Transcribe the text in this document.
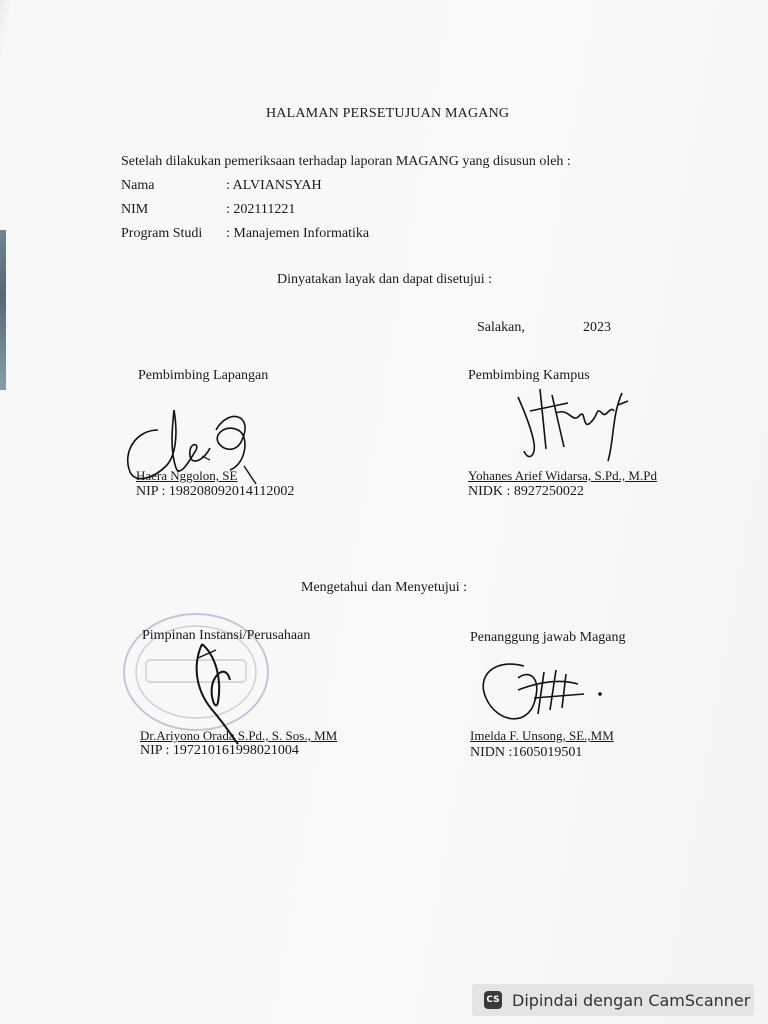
HALAMAN PERSETUJUAN MAGANG
Setelah dilakukan pemeriksaan terhadap laporan MAGANG yang disusun oleh :
Nama	: ALVIANSYAH
NIM	: 202111221
Program Studi : Manajemen Informatika
Dinyatakan layak dan dapat disetujui :
Salakan,	2023
Pembimbing Lapangan	Pembimbing Kampus
Haera Nggolon, SE
NIP : 198208092014112002
Yohanes Arief Widarsa, S.Pd., M.Pd
NIDK : 8927250022
Mengetahui dan Menyetujui :
Pimpinan Instansi/Perusahaan	Penanggung jawab Magang
Dr.Ariyono Orada S.Pd., S. Sos., MM
NIP : 197210161998021004
Imelda F. Unsong, SE.,MM
NIDN :1605019501
CS Dipindai dengan CamScanner
